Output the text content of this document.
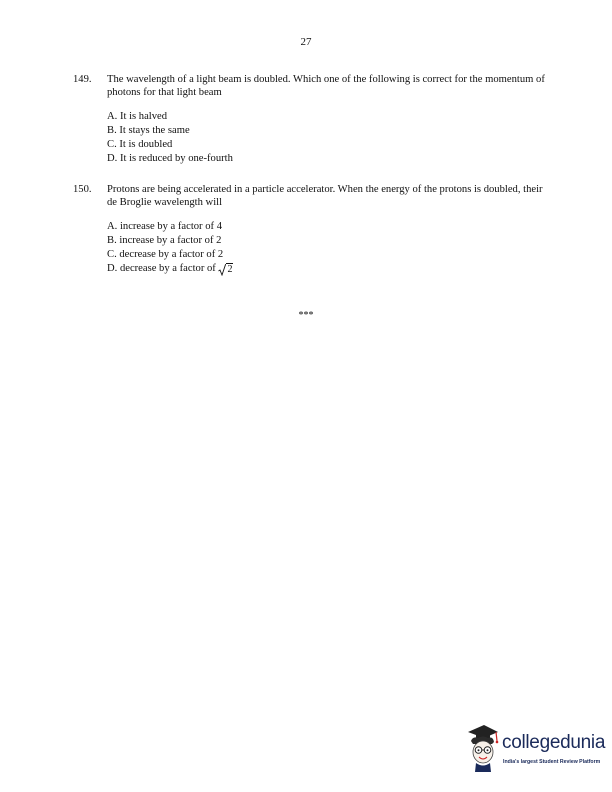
27
149. The wavelength of a light beam is doubled. Which one of the following is correct for the momentum of photons for that light beam
A. It is halved
B. It stays the same
C. It is doubled
D. It is reduced by one-fourth
150. Protons are being accelerated in a particle accelerator. When the energy of the protons is doubled, their de Broglie wavelength will
A. increase by a factor of 4
B. increase by a factor of 2
C. decrease by a factor of 2
D. decrease by a factor of 2
***
collegedunia
India's largest Student Review Platform
